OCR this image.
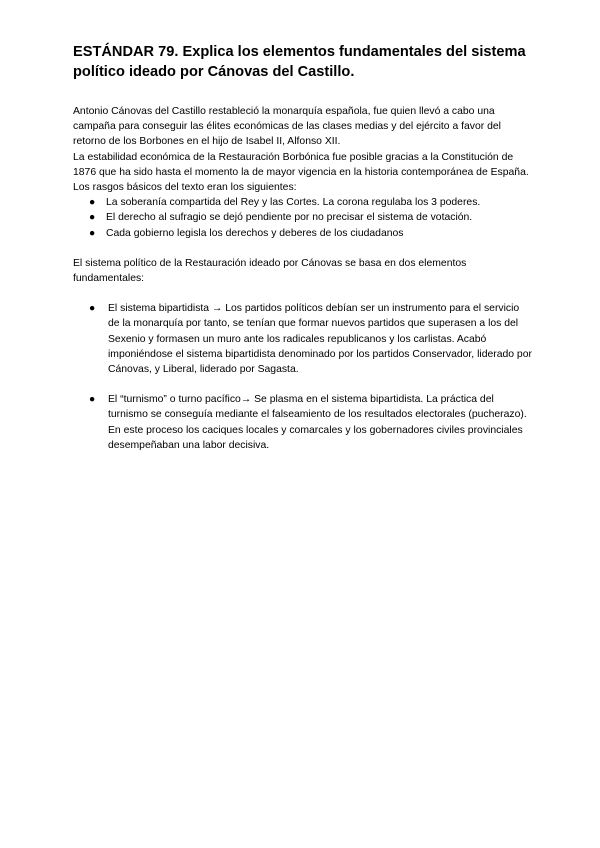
ESTÁNDAR 79. Explica los elementos fundamentales del sistema político ideado por Cánovas del Castillo.

Antonio Cánovas del Castillo restableció la monarquía española, fue quien llevó a cabo una campaña para conseguir las élites económicas de las clases medias y del ejército a favor del retorno de los Borbones en el hijo de Isabel II, Alfonso XII.

La estabilidad económica de la Restauración Borbónica fue posible gracias a la Constitución de 1876 que ha sido hasta el momento la de mayor vigencia en la historia contemporánea de España.

Los rasgos básicos del texto eran los siguientes:

● La soberanía compartida del Rey y las Cortes. La corona regulaba los 3 poderes.
● El derecho al sufragio se dejó pendiente por no precisar el sistema de votación.
● Cada gobierno legisla los derechos y deberes de los ciudadanos

El sistema político de la Restauración ideado por Cánovas se basa en dos elementos fundamentales:

● El sistema bipartidista → Los partidos políticos debían ser un instrumento para el servicio de la monarquía por tanto, se tenían que formar nuevos partidos que superasen a los del Sexenio y formasen un muro ante los radicales republicanos y los carlistas. Acabó imponiéndose el sistema bipartidista denominado por los partidos Conservador, liderado por Cánovas, y Liberal, liderado por Sagasta.
● El “turnismo” o turno pacífico→ Se plasma en el sistema bipartidista. La práctica del turnismo se conseguía mediante el falseamiento de los resultados electorales (pucherazo). En este proceso los caciques locales y comarcales y los gobernadores civiles provinciales desempeñaban una labor decisiva.
